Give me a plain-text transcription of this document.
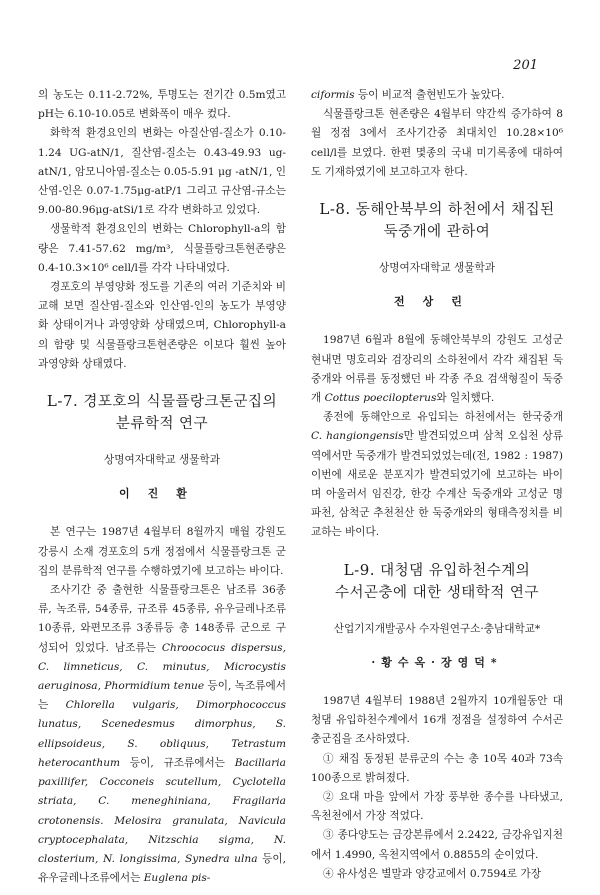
201

의 농도는 0.11-2.72%, 투명도는 전기간 0.5m였고 pH는 6.10-10.05로 변화폭이 매우 컸다.

화학적 환경요인의 변화는 아질산염-질소가 0.10-1.24 UG-atN/1, 질산염-질소는 0.43-49.93 ug-atN/1, 암모니아염-질소는 0.05-5.91 μg -atN/1, 인산염-인은 0.07-1.75μg-atP/1 그리고 규산염-규소는 9.00-80.96μg-atSi/1로 각각 변화하고 있었다.

생물학적 환경요인의 변화는 Chlorophyll-a의 함량은 7.41-57.62 mg/m³, 식물플랑크톤현존량은 0.4-10.3×10⁶ cell/l를 각각 나타내었다.

경포호의 부영양화 정도를 기존의 여러 기준치와 비교해 보면 질산염-질소와 인산염-인의 농도가 부영양화 상태이거나 과영양화 상태였으며, Chlorophyll-a의 함량 및 식물플랑크톤현존량은 이보다 훨씬 높아 과영양화 상태였다.

L-7. 경포호의 식물플랑크톤군집의
분류학적 연구
상명여자대학교 생물학과
이진환

본 연구는 1987년 4월부터 8월까지 매월 강원도 강릉시 소재 경포호의 5개 정점에서 식물플랑크톤 군집의 분류학적 연구를 수행하였기에 보고하는 바이다.

조사기간 중 출현한 식물플랑크톤은 남조류 36종류, 녹조류, 54종류, 규조류 45종류, 유우글레나조류 10종류, 와편모조류 3종류등 총 148종류 군으로 구성되어 있었다. 남조류는 Chroococus dispersus, C. limneticus, C. minutus, Microcystis aeruginosa, Phormidium tenue 등이, 녹조류에서는 Chlorella vulgaris, Dimorphococcus lunatus, Scenedesmus dimorphus, S. ellipsoideus, S. obliquus, Tetrastum heterocanthum 등이, 규조류에서는 Bacillaria paxillifer, Cocconeis scutellum, Cyclotella striata, C. meneghiniana, Fragilaria crotonensis. Melosira granulata, Navicula cryptocephalata, Nitzschia sigma, N. closterium, N. longissima, Synedra ulna 등이, 유우글레나조류에서는 Euglena pis-

ciformis 등이 비교적 출현빈도가 높았다.

식물플랑크톤 현존량은 4월부터 약간씩 증가하여 8월 정점 3에서 조사기간중 최대치인 10.28×10⁶ cell/l를 보였다. 한편 몇종의 국내 미기록종에 대하여도 기재하였기에 보고하고자 한다.

L-8. 동해안북부의 하천에서 채집된
둑중개에 관하여
상명여자대학교 생물학과
전상린

1987년 6월과 8월에 동해안북부의 강원도 고성군 현내면 명호리와 검장리의 소하천에서 각각 채집된 둑중개와 어류를 동정했던 바 각종 주요 검색형질이 둑중개 Cottus poecilopterus와 일치했다.

종전에 동해안으로 유입되는 하천에서는 한국중개 C. hangiongensis만 발견되었으며 삼척 오십천 상류역에서만 둑중개가 발견되었었는데(전, 1982 : 1987) 이번에 새로운 분포지가 발견되었기에 보고하는 바이며 아울러서 임진강, 한강 수계산 둑중개와 고성군 명파천, 삼척군 추천천산 한 둑중개와의 형태측정치를 비교하는 바이다.

L-9. 대청댐 유입하천수계의
수서곤충에 대한 생태학적 연구
산업기지개발공사 수자원연구소·충남대학교*
·황수옥·장영덕*

1987년 4월부터 1988년 2월까지 10개월동안 대청댐 유입하천수계에서 16개 정점을 설정하여 수서곤충군집을 조사하였다.

① 채집 동정된 분류군의 수는 총 10목 40과 73속 100종으로 밝혀졌다.

② 요대 마을 앞에서 가장 풍부한 종수를 나타냈고, 옥천천에서 가장 적었다.

③ 종다양도는 금강본류에서 2.2422, 금강유입지천에서 1.4990, 옥천지역에서 0.8855의 순이었다.

④ 유사성은 별말과 양강교에서 0.7594로 가장
